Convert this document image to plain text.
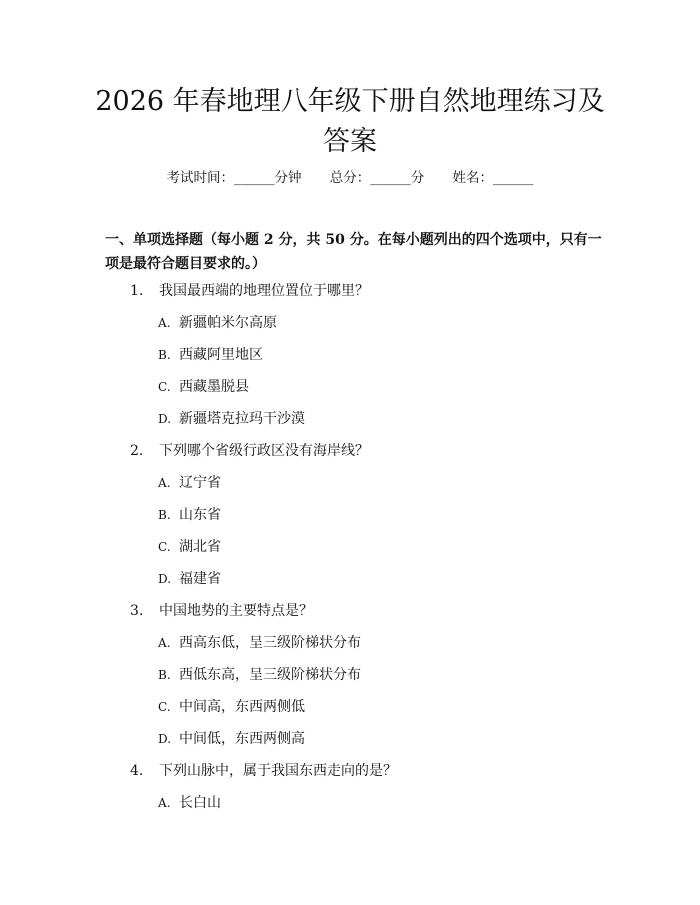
2026 年春地理八年级下册自然地理练习及答案
考试时间：______分钟 总分：______分 姓名：______
一、单项选择题（每小题 2 分，共 50 分。在每小题列出的四个选项中，只有一项是最符合题目要求的。）
1. 我国最西端的地理位置位于哪里？
A. 新疆帕米尔高原
B. 西藏阿里地区
C. 西藏墨脱县
D. 新疆塔克拉玛干沙漠
2. 下列哪个省级行政区没有海岸线？
A. 辽宁省
B. 山东省
C. 湖北省
D. 福建省
3. 中国地势的主要特点是？
A. 西高东低，呈三级阶梯状分布
B. 西低东高，呈三级阶梯状分布
C. 中间高，东西两侧低
D. 中间低，东西两侧高
4. 下列山脉中，属于我国东西走向的是？
A. 长白山
